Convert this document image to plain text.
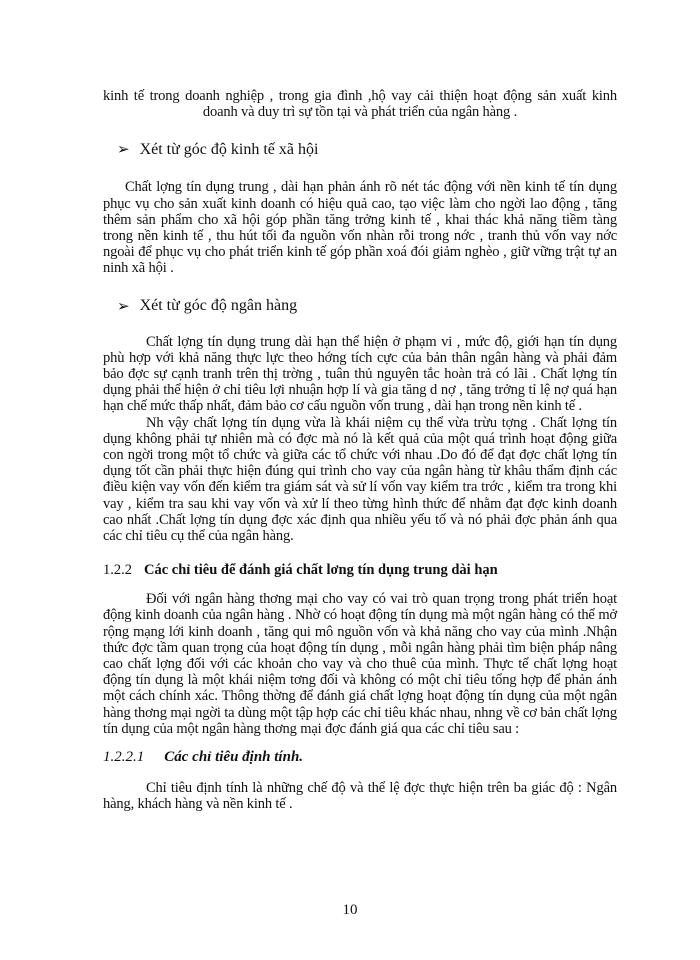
kinh tế trong doanh nghiệp , trong gia đình ,hộ vay cải thiện hoạt động sản xuất kinh doanh và duy trì sự tồn tại và phát triển của ngân hàng .

➢ Xét từ góc độ kinh tế xã hội

Chất lợng tín dụng trung , dài hạn phản ánh rõ nét tác động với nền kinh tế tín dụng phục vụ cho sản xuất kinh doanh có hiệu quả cao, tạo việc làm cho ngời lao động , tăng thêm sản phẩm cho xã hội góp phần tăng trởng kinh tế , khai thác khả năng tiềm tàng trong nền kinh tế , thu hút tối đa nguồn vốn nhàn rỗi trong nớc , tranh thủ vốn vay nớc ngoài để phục vụ cho phát triển kinh tế góp phần xoá đói giảm nghèo , giữ vững trật tự an ninh xã hội .

➢ Xét từ góc độ ngân hàng

Chất lợng tín dụng trung dài hạn thể hiện ở phạm vi , mức độ, giới hạn tín dụng phù hợp với khả năng thực lực theo hớng tích cực của bản thân ngân hàng và phải đảm bảo đợc sự cạnh tranh trên thị trờng , tuân thủ nguyên tắc hoàn trả có lãi . Chất lợng tín dụng phải thể hiện ở chỉ tiêu lợi nhuận hợp lí và gia tăng d nợ , tăng trởng tỉ lệ nợ quá hạn hạn chế mức thấp nhất, đảm bảo cơ cấu nguồn vốn trung , dài hạn trong nền kinh tế .

Nh vậy chất lợng tín dụng vừa là khái niệm cụ thể vừa trừu tợng . Chất lợng tín dụng không phải tự nhiên mà có đợc mà nó là kết quả của một quá trình hoạt động giữa con ngời trong một tổ chức và giữa các tổ chức với nhau .Do đó để đạt đợc chất lợng tín dụng tốt cần phải thực hiện đúng qui trình cho vay của ngân hàng từ khâu thẩm định các điều kiện vay vốn đến kiểm tra giám sát và sử lí vốn vay kiểm tra trớc , kiểm tra trong khi vay , kiểm tra sau khi vay vốn và xử lí theo từng hình thức để nhằm đạt đợc kinh doanh cao nhất .Chất lợng tín dụng đợc xác định qua nhiều yếu tố và nó phải đợc phản ánh qua các chỉ tiêu cụ thể của ngân hàng.

1.2.2 Các chỉ tiêu để đánh giá chất lơng tín dụng trung dài hạn

Đối với ngân hàng thơng mại cho vay có vai trò quan trọng trong phát triển hoạt động kinh doanh của ngân hàng . Nhờ có hoạt động tín dụng mà một ngân hàng có thể mở rộng mạng lới kinh doanh , tăng qui mô nguồn vốn và khả năng cho vay của mình .Nhận thức đợc tầm quan trọng của hoạt động tín dụng , mỗi ngân hàng phải tìm biện pháp nâng cao chất lợng đối với các khoản cho vay và cho thuê của mình. Thực tế chất lợng hoạt động tín dụng là một khái niệm tơng đối và không có một chỉ tiêu tổng hợp để phản ánh một cách chính xác. Thông thờng để đánh giá chất lợng hoạt động tín dụng của một ngân hàng thơng mại ngời ta dùng một tập hợp các chỉ tiêu khác nhau, nhng về cơ bản chất lợng tín dụng của một ngân hàng thơng mại đợc đánh giá qua các chỉ tiêu sau :

1.2.2.1 Các chỉ tiêu định tính.

Chỉ tiêu định tính là những chế độ và thể lệ đợc thực hiện trên ba giác độ : Ngân hàng, khách hàng và nền kinh tế .

10
